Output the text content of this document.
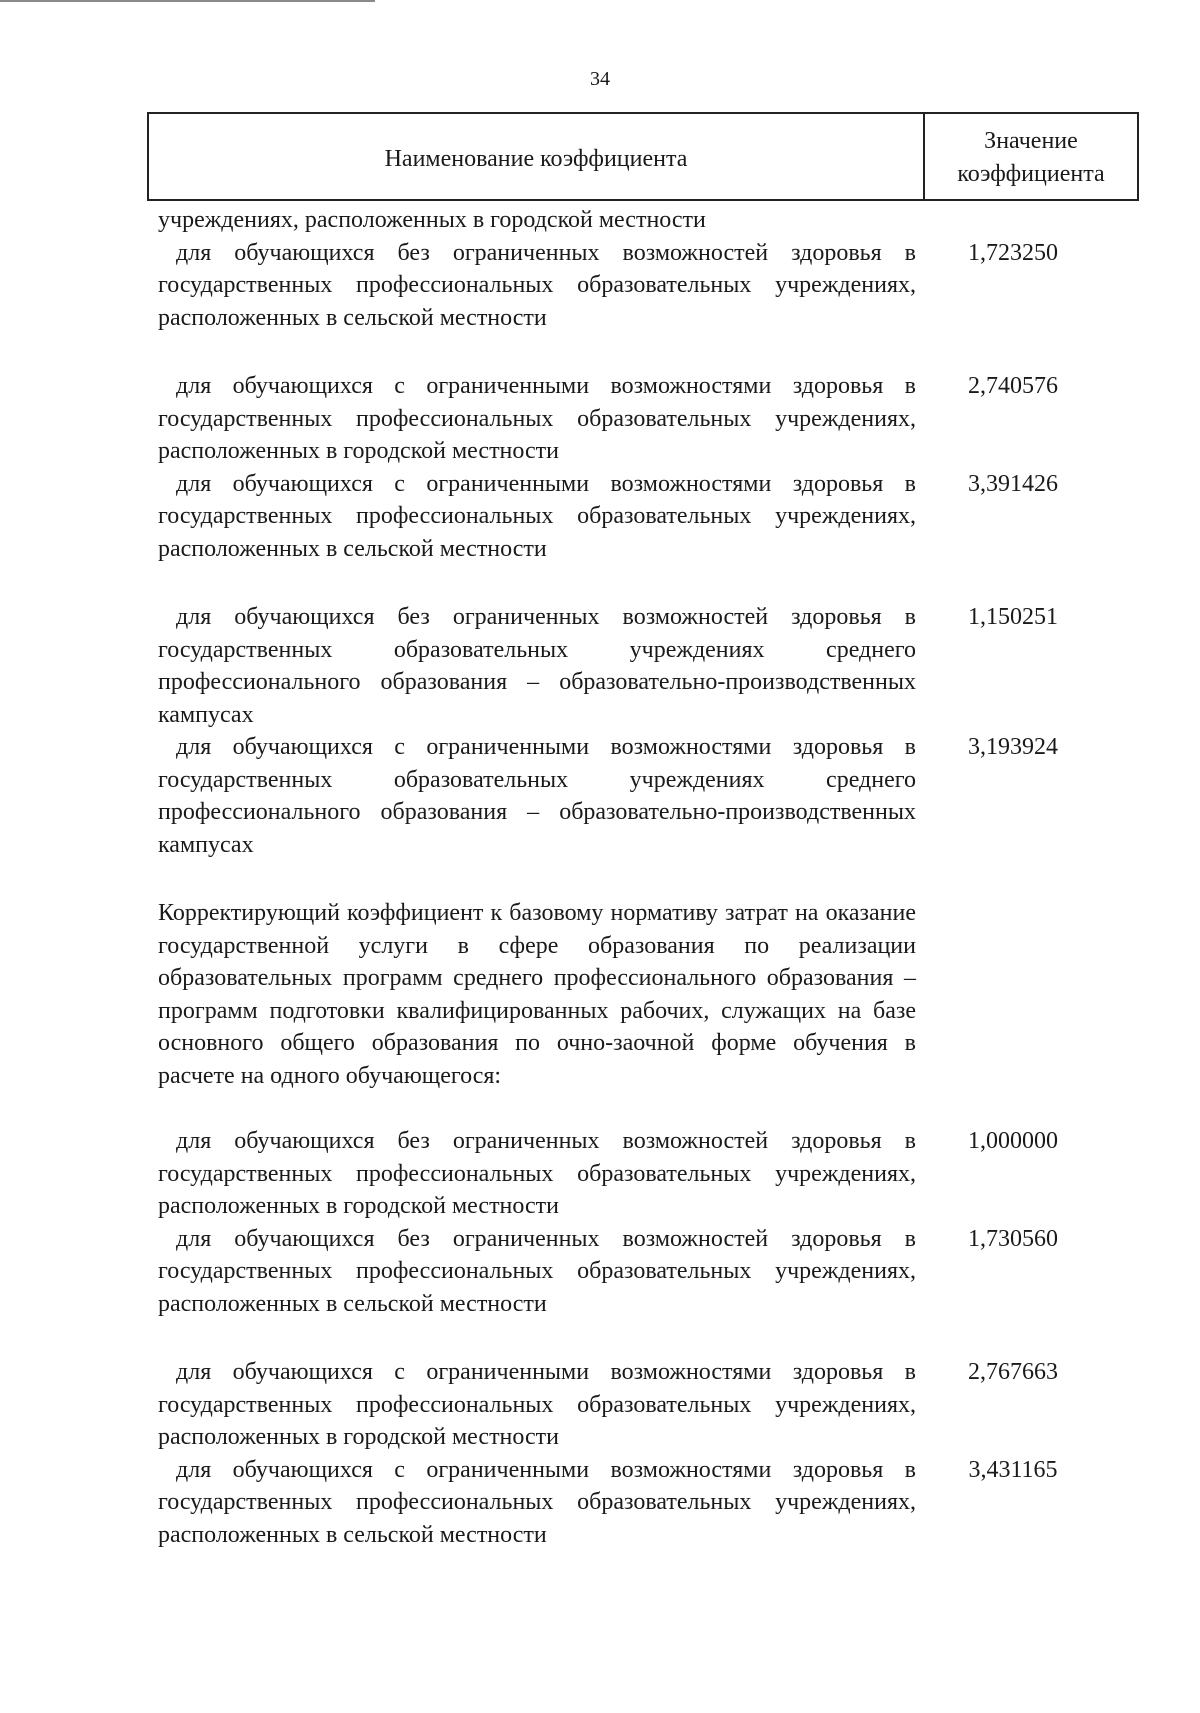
34
Наименование коэффициента
Значение
коэффициента
учреждениях, расположенных в городской местности
для обучающихся без ограниченных возможностей здоровья в государственных профессиональных образовательных учреждениях, расположенных в сельской местности
1,723250
для обучающихся с ограниченными возможностями здоровья в государственных профессиональных образовательных учреждениях, расположенных в городской местности
2,740576
для обучающихся с ограниченными возможностями здоровья в государственных профессиональных образовательных учреждениях, расположенных в сельской местности
3,391426
для обучающихся без ограниченных возможностей здоровья в государственных образовательных учреждениях среднего профессионального образования – образовательно-производственных кампусах
1,150251
для обучающихся с ограниченными возможностями здоровья в государственных образовательных учреждениях среднего профессионального образования – образовательно-производственных кампусах
3,193924
Корректирующий коэффициент к базовому нормативу затрат на оказание государственной услуги в сфере образования по реализации образовательных программ среднего профессионального образования – программ подготовки квалифицированных рабочих, служащих на базе основного общего образования по очно-заочной форме обучения в расчете на одного обучающегося:
для обучающихся без ограниченных возможностей здоровья в государственных профессиональных образовательных учреждениях, расположенных в городской местности
1,000000
для обучающихся без ограниченных возможностей здоровья в государственных профессиональных образовательных учреждениях, расположенных в сельской местности
1,730560
для обучающихся с ограниченными возможностями здоровья в государственных профессиональных образовательных учреждениях, расположенных в городской местности
2,767663
для обучающихся с ограниченными возможностями здоровья в государственных профессиональных образовательных учреждениях, расположенных в сельской местности
3,431165
